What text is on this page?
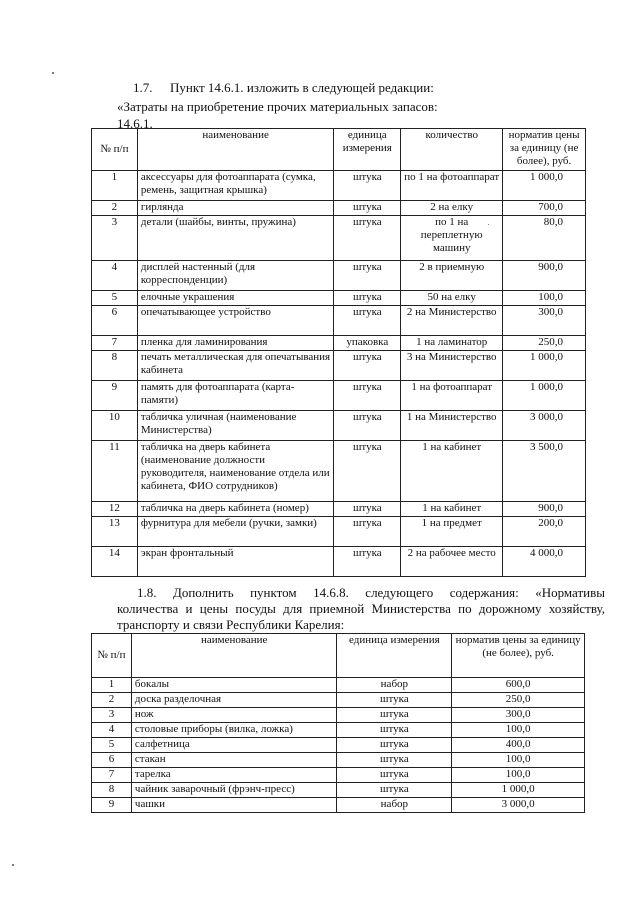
1.7. Пункт 14.6.1. изложить в следующей редакции:
«Затраты на приобретение прочих материальных запасов:
14.6.1.
№ п/п	наименование	единица измерения	количество	норматив цены за единицу (не более), руб.
1	аксессуары для фотоаппарата (сумка, ремень, защитная крышка)	штука	по 1 на фотоаппарат	1 000,0
2	гирлянда	штука	2 на елку	700,0
3	детали (шайбы, винты, пружина)	штука	по 1 на переплетную машину	80,0
4	дисплей настенный (для корреспонденции)	штука	2 в приемную	900,0
5	елочные украшения	штука	50 на елку	100,0
6	опечатывающее устройство	штука	2 на Министерство	300,0
7	пленка для ламинирования	упаковка	1 на ламинатор	250,0
8	печать металлическая для опечатывания кабинета	штука	3 на Министерство	1 000,0
9	память для фотоаппарата (карта-памяти)	штука	1 на фотоаппарат	1 000,0
10	табличка уличная (наименование Министерства)	штука	1 на Министерство	3 000,0
11	табличка на дверь кабинета (наименование должности руководителя, наименование отдела или кабинета, ФИО сотрудников)	штука	1 на кабинет	3 500,0
12	табличка на дверь кабинета (номер)	штука	1 на кабинет	900,0
13	фурнитура для мебели (ручки, замки)	штука	1 на предмет	200,0
14	экран фронтальный	штука	2 на рабочее место	4 000,0
1.8. Дополнить пунктом 14.6.8. следующего содержания: «Нормативы
количества и цены посуды для приемной Министерства по дорожному хозяйству,
транспорту и связи Республики Карелия:
№ п/п	наименование	единица измерения	норматив цены за единицу (не более), руб.
1	бокалы	набор	600,0
2	доска разделочная	штука	250,0
3	нож	штука	300,0
4	столовые приборы (вилка, ложка)	штука	100,0
5	салфетница	штука	400,0
6	стакан	штука	100,0
7	тарелка	штука	100,0
8	чайник заварочный (фрэнч-пресс)	штука	1 000,0
9	чашки	набор	3 000,0
